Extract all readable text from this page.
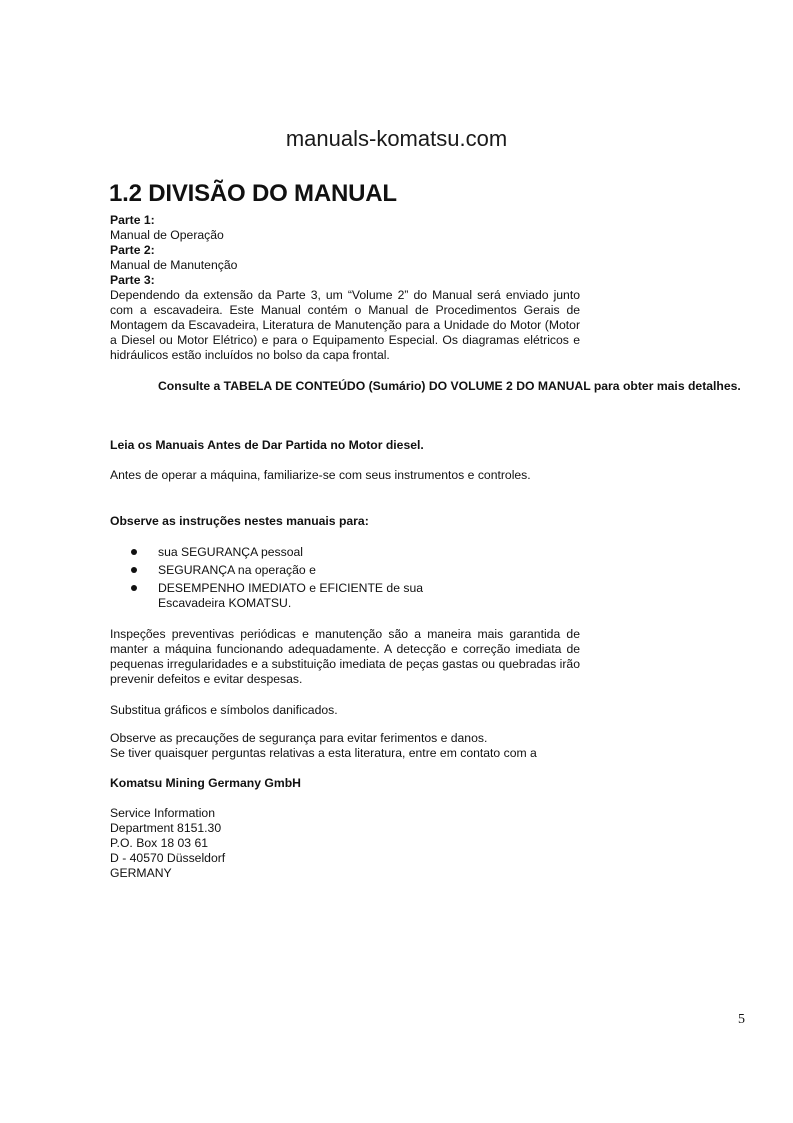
manuals-komatsu.com
1.2 DIVISÃO DO MANUAL

Parte 1:

Manual de Operação

Parte 2:

Manual de Manutenção

Parte 3:

Dependendo da extensão da Parte 3, um “Volume 2” do Manual será enviado junto com a escavadeira. Este Manual contém o Manual de Procedimentos Gerais de Montagem da Escavadeira, Literatura de Manutenção para a Unidade do Motor (Motor a Diesel ou Motor Elétrico) e para o Equipamento Especial. Os diagramas elétricos e hidráulicos estão incluídos no bolso da capa frontal.

Consulte a TABELA DE CONTEÚDO (Sumário) DO VOLUME 2 DO MANUAL para obter mais detalhes.
Leia os Manuais Antes de Dar Partida no Motor diesel.
Antes de operar a máquina, familiarize-se com seus instrumentos e controles.
Observe as instruções nestes manuais para:
sua SEGURANÇA pessoal
SEGURANÇA na operação e
DESEMPENHO IMEDIATO e EFICIENTE de sua Escavadeira KOMATSU.
Inspeções preventivas periódicas e manutenção são a maneira mais garantida de manter a máquina funcionando adequadamente. A detecção e correção imediata de pequenas irregularidades e a substituição imediata de peças gastas ou quebradas irão prevenir defeitos e evitar despesas.
Substitua gráficos e símbolos danificados.
Observe as precauções de segurança para evitar ferimentos e danos.
Se tiver quaisquer perguntas relativas a esta literatura, entre em contato com a
Komatsu Mining Germany GmbH

Service Information

Department 8151.30

P.O. Box 18 03 61

D - 40570 Düsseldorf

GERMANY

5
